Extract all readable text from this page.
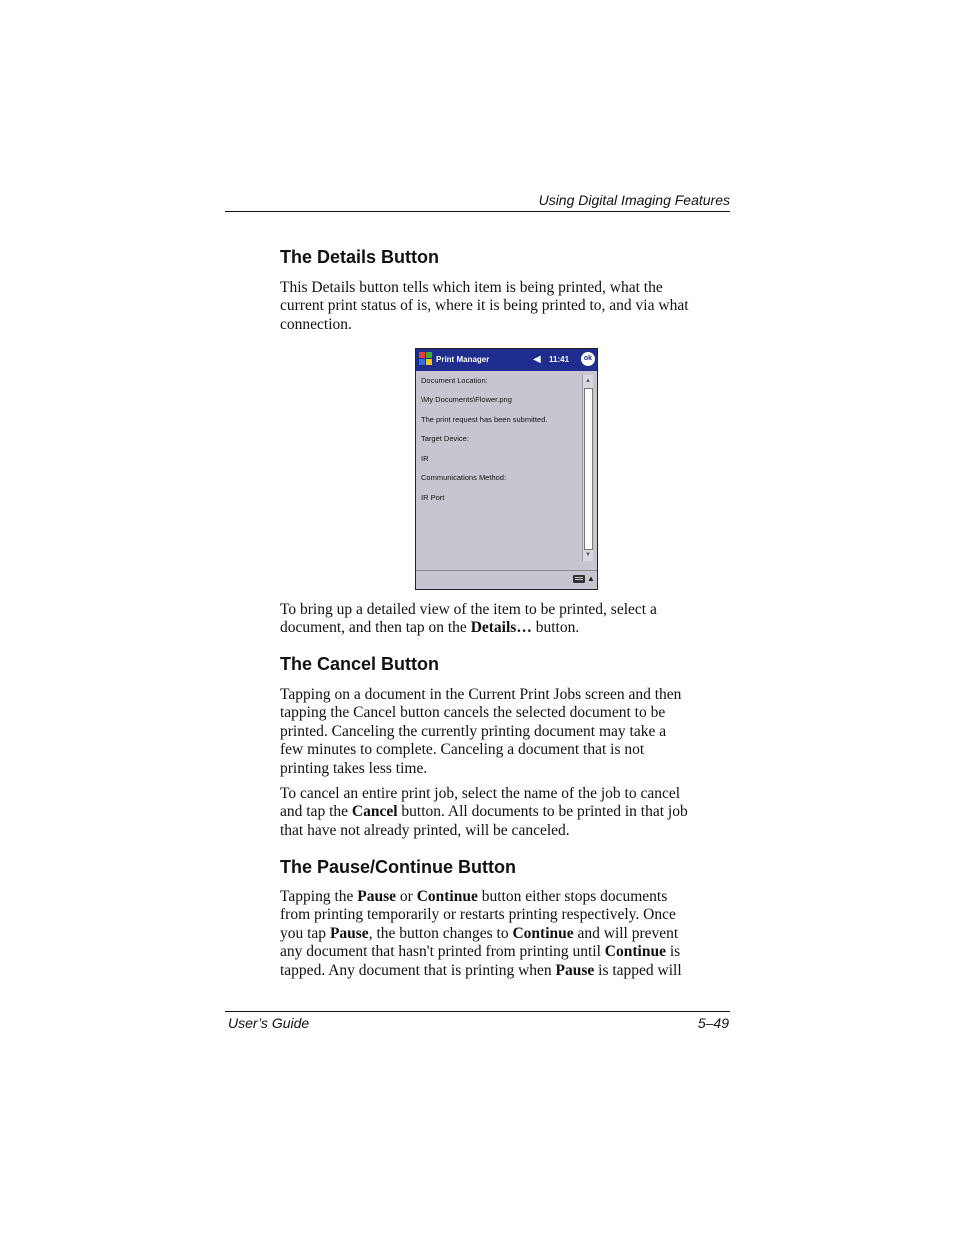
Using Digital Imaging Features
The Details Button

This Details button tells which item is being printed, what the
current print status of is, where it is being printed to, and via what
connection.

Print Manager	◀︎ 11:41	ok
Document Location:
\My Documents\Flower.png
The print request has been submitted.
Target Device:
IR
Communications Method:
IR Port
▲
▼
▲

To bring up a detailed view of the item to be printed, select a
document, and then tap on the Details… button.

The Cancel Button

Tapping on a document in the Current Print Jobs screen and then
tapping the Cancel button cancels the selected document to be
printed. Canceling the currently printing document may take a
few minutes to complete. Canceling a document that is not
printing takes less time.

To cancel an entire print job, select the name of the job to cancel
and tap the Cancel button. All documents to be printed in that job
that have not already printed, will be canceled.

The Pause/Continue Button

Tapping the Pause or Continue button either stops documents
from printing temporarily or restarts printing respectively. Once
you tap Pause, the button changes to Continue and will prevent
any document that hasn't printed from printing until Continue is
tapped. Any document that is printing when Pause is tapped will

User’s Guide	5–49
